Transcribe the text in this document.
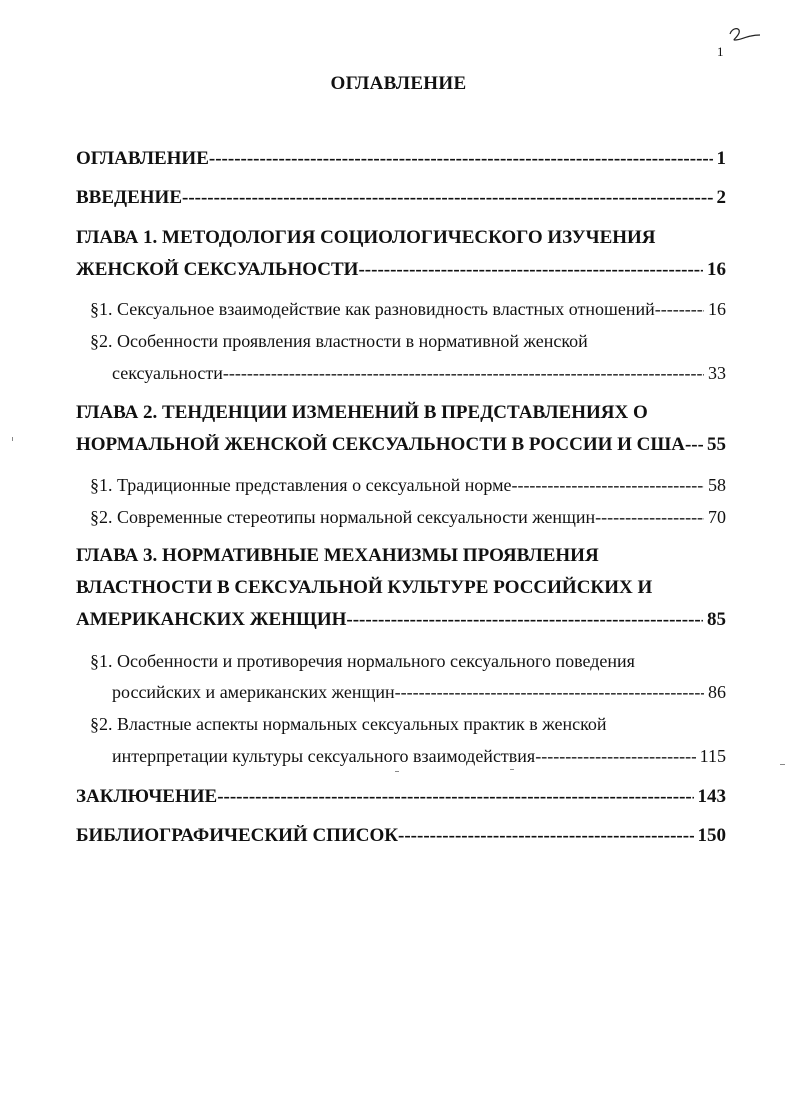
1
ОГЛАВЛЕНИЕ
ОГЛАВЛЕНИЕ -----	1
ВВЕДЕНИЕ -----	2
ГЛАВА 1. МЕТОДОЛОГИЯ СОЦИОЛОГИЧЕСКОГО ИЗУЧЕНИЯ
ЖЕНСКОЙ СЕКСУАЛЬНОСТИ -----	16
§1. Сексуальное взаимодействие как разновидность властных отношений -----	16
§2. Особенности проявления властности в нормативной женской
сексуальности -----	33
ГЛАВА 2. ТЕНДЕНЦИИ ИЗМЕНЕНИЙ В ПРЕДСТАВЛЕНИЯХ О
НОРМАЛЬНОЙ ЖЕНСКОЙ СЕКСУАЛЬНОСТИ В РОССИИ И США ----- 55
§1. Традиционные представления о сексуальной норме -----	58
§2. Современные стереотипы нормальной сексуальности женщин -----	70
ГЛАВА 3. НОРМАТИВНЫЕ МЕХАНИЗМЫ ПРОЯВЛЕНИЯ
ВЛАСТНОСТИ В СЕКСУАЛЬНОЙ КУЛЬТУРЕ РОССИЙСКИХ И
АМЕРИКАНСКИХ ЖЕНЩИН -----	85
§1. Особенности и противоречия нормального сексуального поведения
российских и американских женщин -----	86
§2. Властные аспекты нормальных сексуальных практик в женской
интерпретации культуры сексуального взаимодействия -----	115
ЗАКЛЮЧЕНИЕ -----	143
БИБЛИОГРАФИЧЕСКИЙ СПИСОК -----	150
